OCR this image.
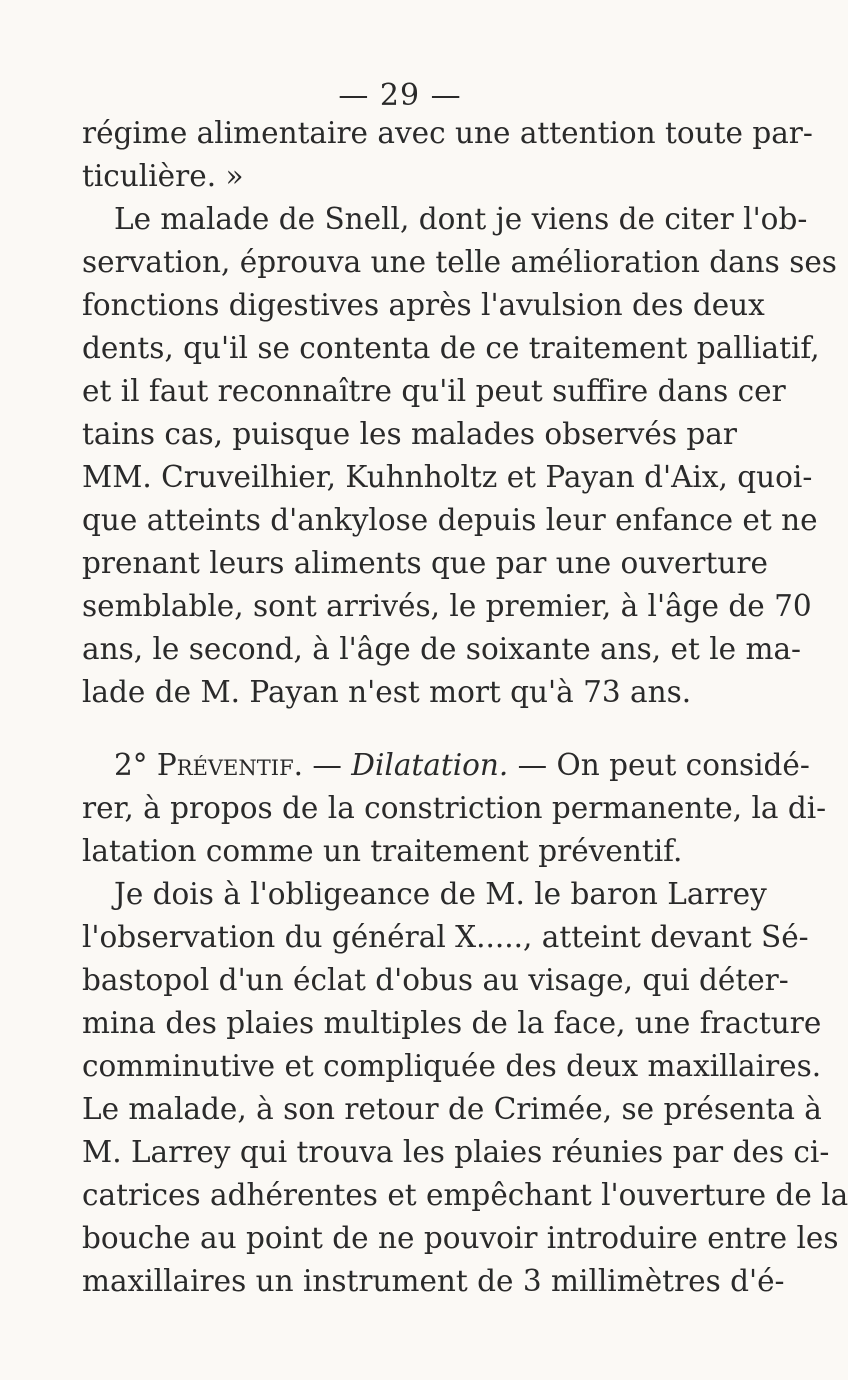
— 29 —
régime alimentaire avec une attention toute par-
ticulière. »
Le malade de Snell, dont je viens de citer l'ob-
servation, éprouva une telle amélioration dans ses
fonctions digestives après l'avulsion des deux
dents, qu'il se contenta de ce traitement palliatif,
et il faut reconnaître qu'il peut suffire dans cer
tains cas, puisque les malades observés par
MM. Cruveilhier, Kuhnholtz et Payan d'Aix, quoi-
que atteints d'ankylose depuis leur enfance et ne
prenant leurs aliments que par une ouverture
semblable, sont arrivés, le premier, à l'âge de 70
ans, le second, à l'âge de soixante ans, et le ma-
lade de M. Payan n'est mort qu'à 73 ans.
2° Préventif. — Dilatation. — On peut considé-
rer, à propos de la constriction permanente, la di-
latation comme un traitement préventif.
Je dois à l'obligeance de M. le baron Larrey
l'observation du général X....., atteint devant Sé-
bastopol d'un éclat d'obus au visage, qui déter-
mina des plaies multiples de la face, une fracture
comminutive et compliquée des deux maxillaires.
Le malade, à son retour de Crimée, se présenta à
M. Larrey qui trouva les plaies réunies par des ci-
catrices adhérentes et empêchant l'ouverture de la
bouche au point de ne pouvoir introduire entre les
maxillaires un instrument de 3 millimètres d'é-
